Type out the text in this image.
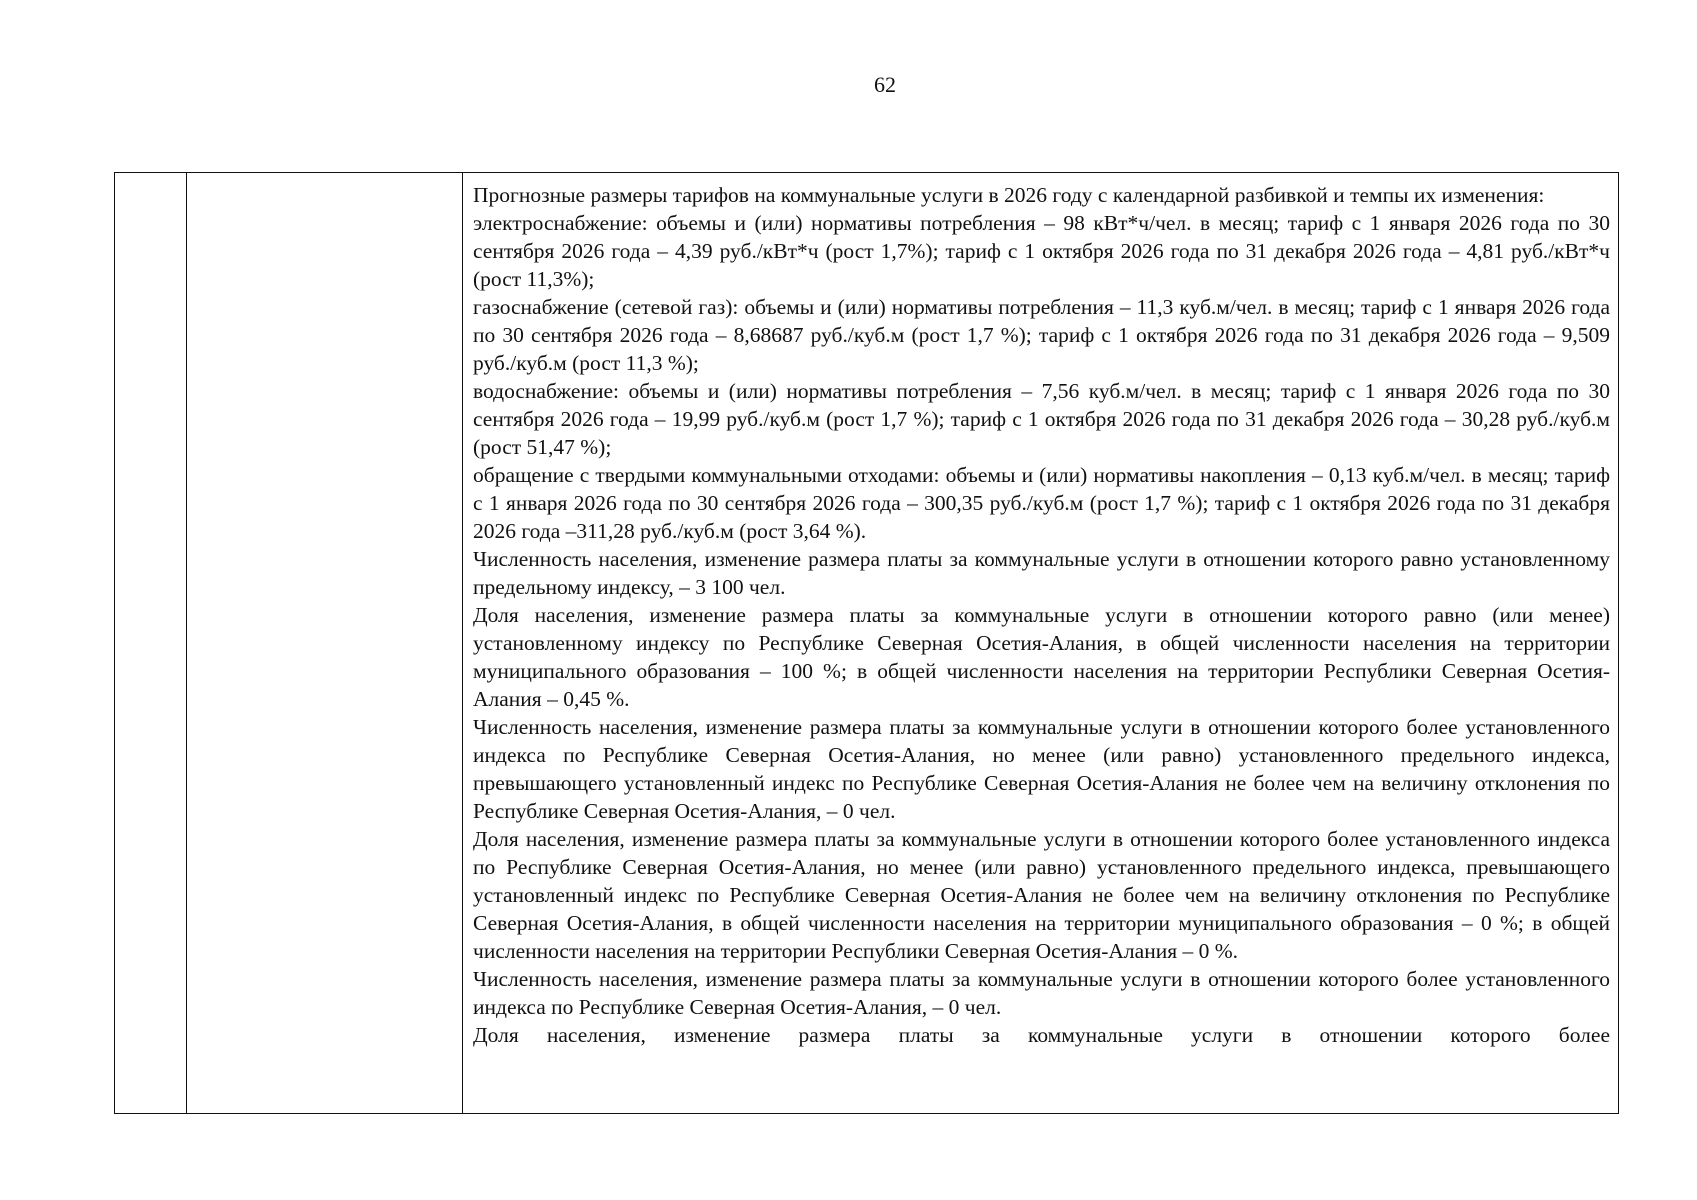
62

Прогнозные размеры тарифов на коммунальные услуги в 2026 году с календарной разбивкой и темпы их изменения:

электроснабжение: объемы и (или) нормативы потребления – 98 кВт*ч/чел. в месяц; тариф с 1 января 2026 года по 30 сентября 2026 года – 4,39 руб./кВт*ч (рост 1,7%); тариф с 1 октября 2026 года по 31 декабря 2026 года – 4,81 руб./кВт*ч (рост 11,3%);

газоснабжение (сетевой газ): объемы и (или) нормативы потребления – 11,3 куб.м/чел. в месяц; тариф с 1 января 2026 года по 30 сентября 2026 года – 8,68687 руб./куб.м (рост 1,7 %); тариф с 1 октября 2026 года по 31 декабря 2026 года – 9,509 руб./куб.м (рост 11,3 %);

водоснабжение: объемы и (или) нормативы потребления – 7,56 куб.м/чел. в месяц; тариф с 1 января 2026 года по 30 сентября 2026 года – 19,99 руб./куб.м (рост 1,7 %); тариф с 1 октября 2026 года по 31 декабря 2026 года – 30,28 руб./куб.м (рост 51,47 %);

обращение с твердыми коммунальными отходами: объемы и (или) нормативы накопления – 0,13 куб.м/чел. в месяц; тариф с 1 января 2026 года по 30 сентября 2026 года – 300,35 руб./куб.м (рост 1,7 %); тариф с 1 октября 2026 года по 31 декабря 2026 года –311,28 руб./куб.м (рост 3,64 %).

Численность населения, изменение размера платы за коммунальные услуги в отношении которого равно установленному предельному индексу, – 3 100 чел.

Доля населения, изменение размера платы за коммунальные услуги в отношении которого равно (или менее) установленному индексу по Республике Северная Осетия-Алания, в общей численности населения на территории муниципального образования – 100 %; в общей численности населения на территории Республики Северная Осетия-Алания – 0,45 %.

Численность населения, изменение размера платы за коммунальные услуги в отношении которого более установленного индекса по Республике Северная Осетия-Алания, но менее (или равно) установленного предельного индекса, превышающего установленный индекс по Республике Северная Осетия-Алания не более чем на величину отклонения по Республике Северная Осетия-Алания, – 0 чел.

Доля населения, изменение размера платы за коммунальные услуги в отношении которого более установленного индекса по Республике Северная Осетия-Алания, но менее (или равно) установленного предельного индекса, превышающего установленный индекс по Республике Северная Осетия-Алания не более чем на величину отклонения по Республике Северная Осетия-Алания, в общей численности населения на территории муниципального образования – 0 %; в общей численности населения на территории Республики Северная Осетия-Алания – 0 %.

Численность населения, изменение размера платы за коммунальные услуги в отношении которого более установленного индекса по Республике Северная Осетия-Алания, – 0 чел.

Доля населения, изменение размера платы за коммунальные услуги в отношении которого более
